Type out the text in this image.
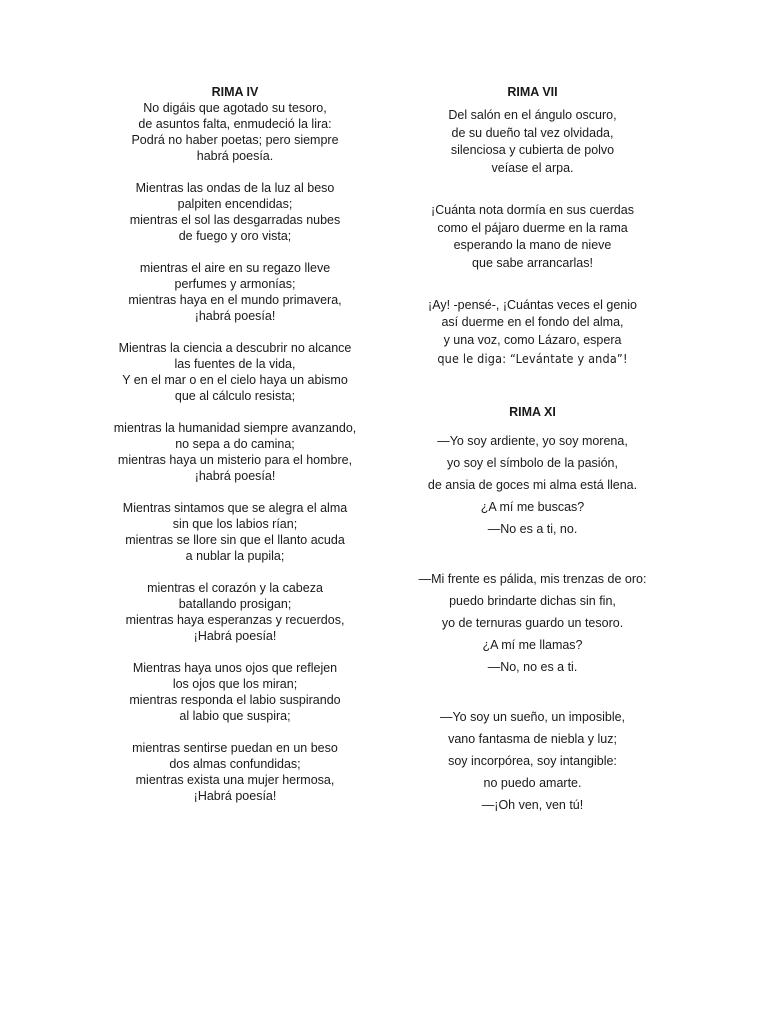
RIMA IV
No digáis que agotado su tesoro,
de asuntos falta, enmudeció la lira:
Podrá no haber poetas; pero siempre
habrá poesía.
Mientras las ondas de la luz al beso
palpiten encendidas;
mientras el sol las desgarradas nubes
de fuego y oro vista;
mientras el aire en su regazo lleve
perfumes y armonías;
mientras haya en el mundo primavera,
¡habrá poesía!
Mientras la ciencia a descubrir no alcance
las fuentes de la vida,
Y en el mar o en el cielo haya un abismo
que al cálculo resista;
mientras la humanidad siempre avanzando,
no sepa a do camina;
mientras haya un misterio para el hombre,
¡habrá poesía!
Mientras sintamos que se alegra el alma
sin que los labios rían;
mientras se llore sin que el llanto acuda
a nublar la pupila;
mientras el corazón y la cabeza
batallando prosigan;
mientras haya esperanzas y recuerdos,
¡Habrá poesía!
Mientras haya unos ojos que reflejen
los ojos que los miran;
mientras responda el labio suspirando
al labio que suspira;
mientras sentirse puedan en un beso
dos almas confundidas;
mientras exista una mujer hermosa,
¡Habrá poesía!
RIMA VII
Del salón en el ángulo oscuro,
de su dueño tal vez olvidada,
silenciosa y cubierta de polvo
veíase el arpa.
¡Cuánta nota dormía en sus cuerdas
como el pájaro duerme en la rama
esperando la mano de nieve
que sabe arrancarlas!
¡Ay! -pensé-, ¡Cuántas veces el genio
así duerme en el fondo del alma,
y una voz, como Lázaro, espera
que le diga: “Levántate y anda”!
RIMA XI
—Yo soy ardiente, yo soy morena,
yo soy el símbolo de la pasión,
de ansia de goces mi alma está llena.
¿A mí me buscas?
—No es a ti, no.
—Mi frente es pálida, mis trenzas de oro:
puedo brindarte dichas sin fin,
yo de ternuras guardo un tesoro.
¿A mí me llamas?
—No, no es a ti.
—Yo soy un sueño, un imposible,
vano fantasma de niebla y luz;
soy incorpórea, soy intangible:
no puedo amarte.
—¡Oh ven, ven tú!
